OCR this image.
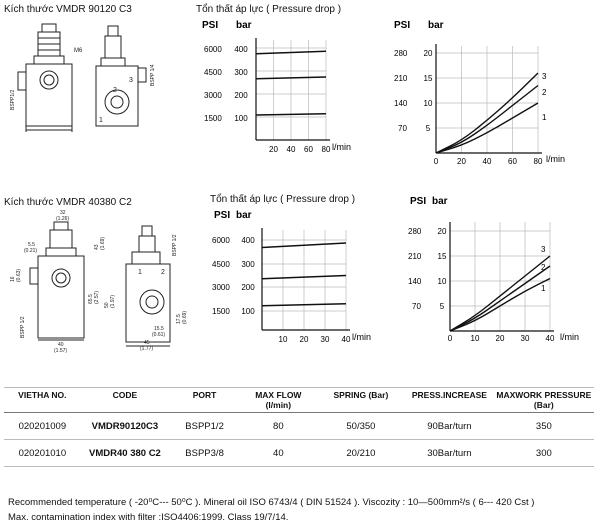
Kích thước VMDR 90120 C3	Tổn thất áp lực ( Pressure drop )
BSPP1/2
M6
BSPP 1/4
1
2
3
PSI bar
6000
4500
3000
1500
400
300
200
100
20 40 60 80 l/min
PSI bar
280
210
140
70
20
15
10
5
0 20 40 60 80 l/min
3
2
1
Kích thước VMDR 40380 C2	Tổn thất áp lực ( Pressure drop )
32
(1.26)
5.5
(0.21)
43 (1.69)	BSPP 1/2
BSPP 1/2
40
(1.57)
45
(1.77)
15.5
(0.61)
17.5 (0.69)
16 (0.63)
65.5 (2.57)
50 (1.97)
1	2
PSI bar
6000
4500
3000
1500
400
300
200
100
10 20 30 40 l/min
PSI bar
280
210
140
70
20
15
10
5
0 10 20 30 40 l/min
3
2
1
VIETHA NO.	CODE	PORT	MAX FLOW (l/min)	SPRING (Bar)	PRESS.INCREASE	MAXWORK PRESSURE (Bar)
020201009	VMDR90120C3	BSPP1/2	80	50/350	90Bar/turn	350
020201010	VMDR40 380 C2	BSPP3/8	40	20/210	30Bar/turn	300
Recommended temperature ( -20⁰C--- 50⁰C ). Mineral oil ISO 6743/4 ( DIN 51524 ). Viscozity : 10—500mm²/s ( 6--- 420 Cst )
Max. contamination index with filter :ISO4406:1999. Class 19/7/14.
